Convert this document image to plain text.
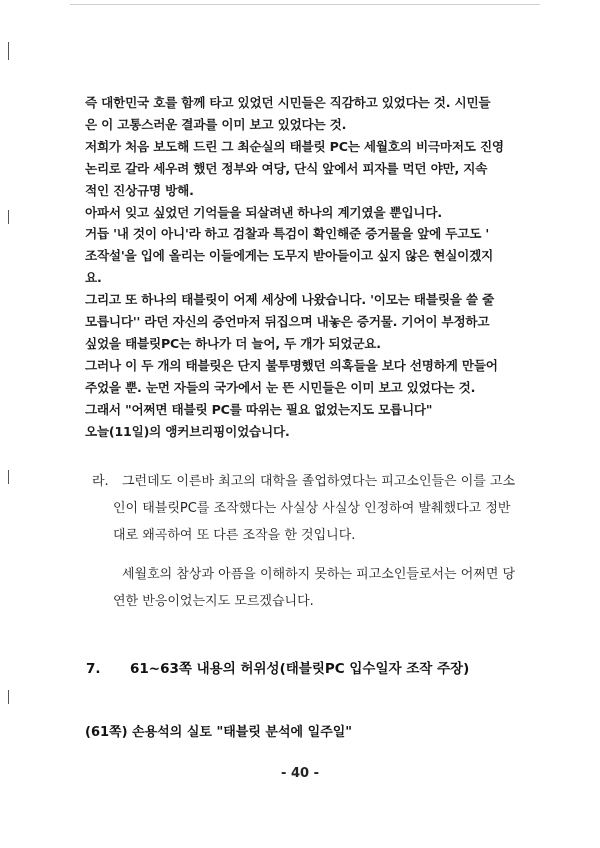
즉 대한민국 호를 함께 타고 있었던 시민들은 직감하고 있었다는 것. 시민들
은 이 고통스러운 결과를 이미 보고 있었다는 것.
저희가 처음 보도해 드린 그 최순실의 태블릿 PC는 세월호의 비극마저도 진영
논리로 갈라 세우려 했던 정부와 여당, 단식 앞에서 피자를 먹던 야만, 지속
적인 진상규명 방해.
아파서 잊고 싶었던 기억들을 되살려낸 하나의 계기였을 뿐입니다.
거듭 '내 것이 아니'라 하고 검찰과 특검이 확인해준 증거물을 앞에 두고도 '
조작설'을 입에 올리는 이들에게는 도무지 받아들이고 싶지 않은 현실이겠지
요.
그리고 또 하나의 태블릿이 어제 세상에 나왔습니다. '이모는 태블릿을 쓸 줄
모릅니다'' 라던 자신의 증언마저 뒤집으며 내놓은 증거물. 기어이 부정하고
싶었을 태블릿PC는 하나가 더 늘어, 두 개가 되었군요.
그러나 이 두 개의 태블릿은 단지 불투명했던 의혹들을 보다 선명하게 만들어
주었을 뿐. 눈먼 자들의 국가에서 눈 뜬 시민들은 이미 보고 있었다는 것.
그래서 "어쩌면 태블릿 PC를 따위는 필요 없었는지도 모릅니다"
오늘(11일)의 앵커브리핑이었습니다.
라.	그런데도 이른바 최고의 대학을 졸업하였다는 피고소인들은 이를 고소
인이 태블릿PC를 조작했다는 사실상 사실상 인정하여 발췌했다고 정반
대로 왜곡하여 또 다른 조작을 한 것입니다.
세월호의 참상과 아픔을 이해하지 못하는 피고소인들로서는 어쩌면 당
연한 반응이었는지도 모르겠습니다.
7. 61~63쪽 내용의 허위성(태블릿PC 입수일자 조작 주장)
(61쪽) 손용석의 실토 "태블릿 분석에 일주일"
- 40 -
